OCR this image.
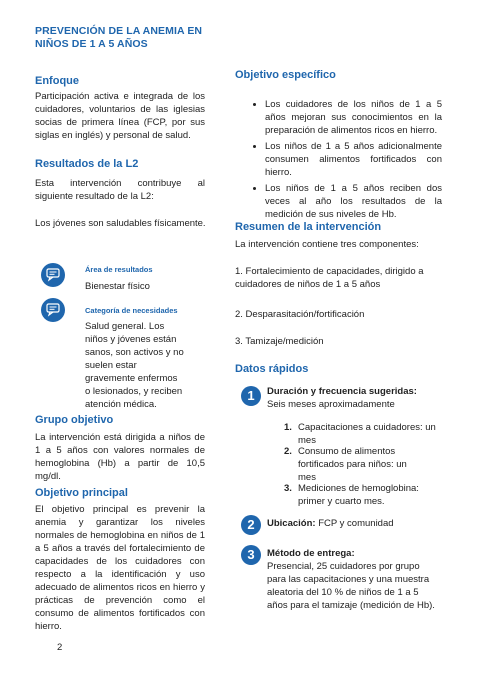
PREVENCIÓN DE LA ANEMIA EN NIÑOS DE 1 A 5 AÑOS
Enfoque
Participación activa e integrada de los cuidadores, voluntarios de las iglesias socias de primera línea (FCP, por sus siglas en inglés) y personal de salud.
Resultados de la L2
Esta intervención contribuye al siguiente resultado de la L2:
Los jóvenes son saludables físicamente.
Área de resultados
Bienestar físico
Categoría de necesidades
Salud general. Los niños y jóvenes están sanos, son activos y no suelen estar gravemente enfermos o lesionados, y reciben atención médica.
Grupo objetivo
La intervención está dirigida a niños de 1 a 5 años con valores normales de hemoglobina (Hb) a partir de 10,5 mg/dl.
Objetivo principal
El objetivo principal es prevenir la anemia y garantizar los niveles normales de hemoglobina en niños de 1 a 5 años a través del fortalecimiento de capacidades de los cuidadores con respecto a la identificación y uso adecuado de alimentos ricos en hierro y prácticas de prevención como el consumo de alimentos fortificados con hierro.
Objetivo específico
• Los cuidadores de los niños de 1 a 5 años mejoran sus conocimientos en la preparación de alimentos ricos en hierro.
• Los niños de 1 a 5 años adicionalmente consumen alimentos fortificados con hierro.
• Los niños de 1 a 5 años reciben dos veces al año los resultados de la medición de sus niveles de Hb.
Resumen de la intervención
La intervención contiene tres componentes:
1. Fortalecimiento de capacidades, dirigido a cuidadores de niños de 1 a 5 años
2. Desparasitación/fortificación
3. Tamizaje/medición
Datos rápidos
1	Duración y frecuencia sugeridas:
Seis meses aproximadamente
1. Capacitaciones a cuidadores: un mes
2. Consumo de alimentos fortificados para niños: un mes
3. Mediciones de hemoglobina: primer y cuarto mes.
2	Ubicación: FCP y comunidad
3	Método de entrega:
Presencial, 25 cuidadores por grupo para las capacitaciones y una muestra aleatoria del 10 % de niños de 1 a 5 años para el tamizaje (medición de Hb).
2
